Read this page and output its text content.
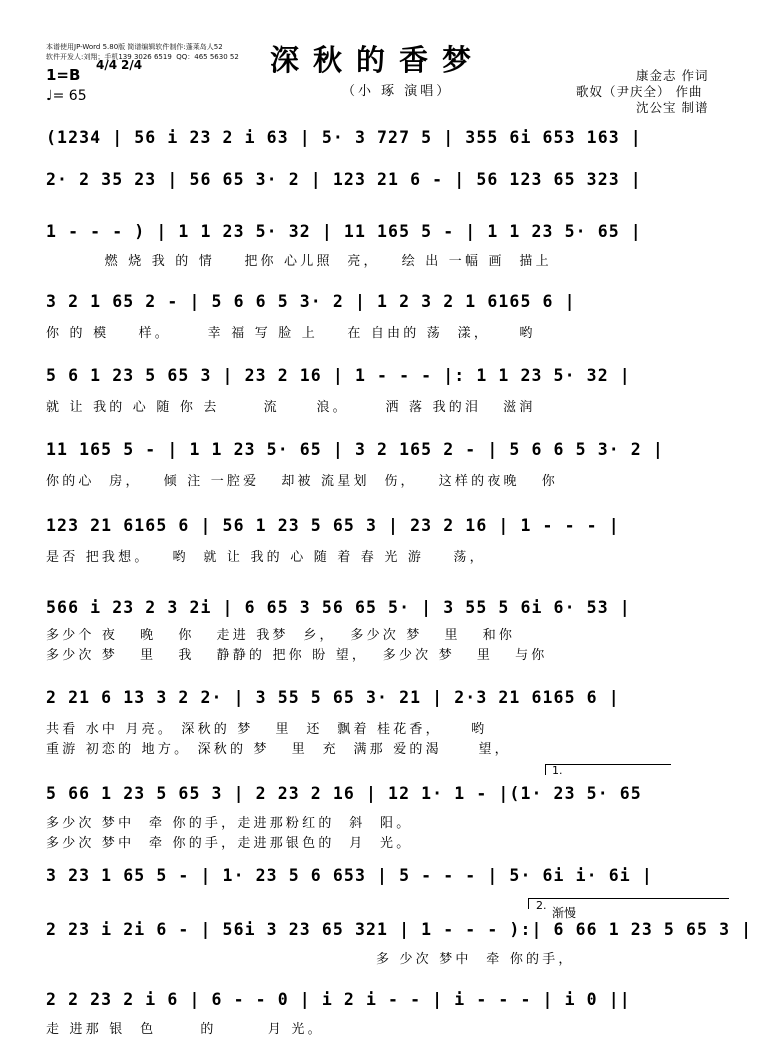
本谱使用JP-Word 5.80版 简谱编辑软件制作:蓬莱岛人52
软件开发人:刘翔；手机139 3026 6519  QQ：465 5630 52 深秋的香梦
（小 琢 演唱）
康金志 作词
歌奴（尹庆全） 作曲
沈公宝 制谱
1=B
4/4 2/4
♩= 65
(1234 | 56 i 23 2 i 63 | 5· 3 727 5 | 355 6i 653 163 |
2· 2 35 23 | 56 65 3· 2 | 123 21 6 - | 56 123 65 323 |
1 - - - ) | 1 1 23 5· 32 | 11 165 5 - | 1 1 23 5· 65 |
燃 烧 我 的 情    把你 心儿照  亮，   绘 出 一幅 画  描上
3 2 1 65 2 - | 5 6 6 5 3· 2 | 1 2 3 2 1 6165 6 |
你 的 模    样。     幸 福 写 脸 上    在 自由的 荡  漾，    哟
5 6 1 23 5 65 3 | 23 2 16 | 1 - - - |: 1 1 23 5· 32 |
就 让 我的 心 随 你 去      流     浪。     洒 落 我的泪   滋润
11 165 5 - | 1 1 23 5· 65 | 3 2 165 2 - | 5 6 6 5 3· 2 |
你的心  房，   倾 注 一腔爱   却被 流星划  伤，   这样的夜晚   你
123 21 6165 6 | 56 1 23 5 65 3 | 23 2 16 | 1 - - - |
是否 把我想。   哟  就 让 我的 心 随 着 春 光 游    荡，
566 i 23 2 3 2i | 6 65 3 56 65 5· | 3 55 5 6i 6· 53 |
多少个 夜   晚   你   走进 我梦  乡，  多少次 梦   里   和你
多少次 梦   里   我   静静的 把你 盼 望，  多少次 梦   里   与你
2 21 6 13 3 2 2· | 3 55 5 65 3· 21 | 2·3 21 6165 6 |
共看 水中 月亮。 深秋的 梦   里  还  飘着 桂花香，    哟
重游 初恋的 地方。 深秋的 梦   里  充  满那 爱的渴     望，
1.
5 66 1 23 5 65 3 | 2 23 2 16 | 12 1· 1 - |(1· 23 5· 65
多少次 梦中  牵 你的手，走进那粉红的  斜  阳。
多少次 梦中  牵 你的手，走进那银色的  月  光。
3 23 1 65 5 - | 1· 23 5 6 653 | 5 - - - | 5· 6i i· 6i |
2.
渐慢
2 23 i 2i 6 - | 56i 3 23 65 321 | 1 - - - ):| 6 66 1 23 5 65 3 |
多 少次 梦中  牵 你的手，
2 2 23 2 i 6 | 6 - - 0 | i 2 i - - | i - - - | i 0 ||
走 进那 银  色      的       月 光。
